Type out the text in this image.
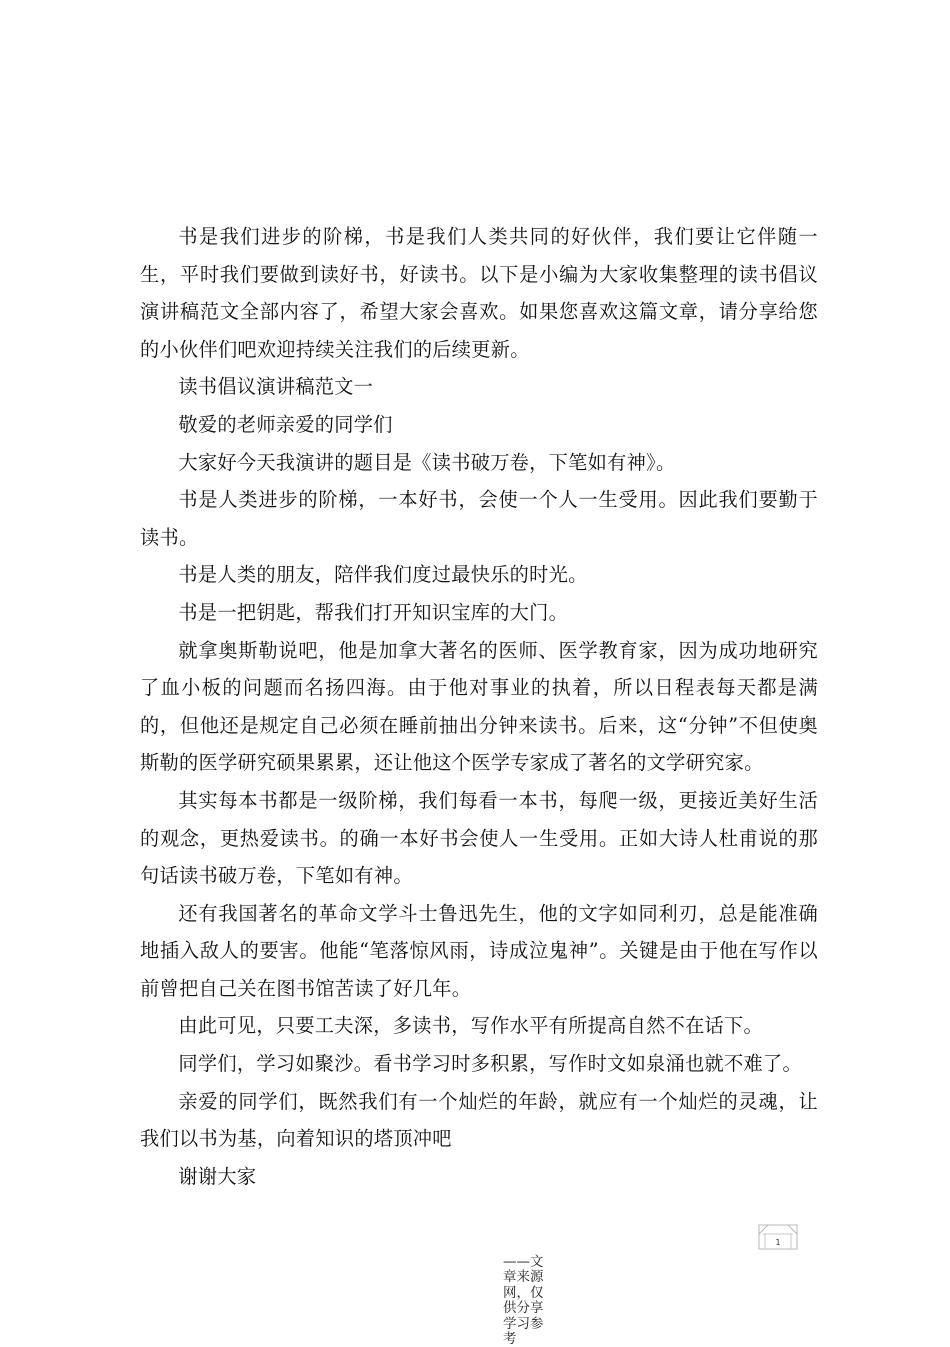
书是我们进步的阶梯，书是我们人类共同的好伙伴，我们要让它伴随一生，平时我们要做到读好书，好读书。以下是小编为大家收集整理的读书倡议演讲稿范文全部内容了，希望大家会喜欢。如果您喜欢这篇文章，请分享给您的小伙伴们吧欢迎持续关注我们的后续更新。

读书倡议演讲稿范文一

敬爱的老师亲爱的同学们

大家好今天我演讲的题目是《读书破万卷，下笔如有神》。

书是人类进步的阶梯，一本好书，会使一个人一生受用。因此我们要勤于读书。

书是人类的朋友，陪伴我们度过最快乐的时光。

书是一把钥匙，帮我们打开知识宝库的大门。

就拿奥斯勒说吧，他是加拿大著名的医师、医学教育家，因为成功地研究了血小板的问题而名扬四海。由于他对事业的执着，所以日程表每天都是满的，但他还是规定自己必须在睡前抽出分钟来读书。后来，这“分钟”不但使奥斯勒的医学研究硕果累累，还让他这个医学专家成了著名的文学研究家。

其实每本书都是一级阶梯，我们每看一本书，每爬一级，更接近美好生活的观念，更热爱读书。的确一本好书会使人一生受用。正如大诗人杜甫说的那句话读书破万卷，下笔如有神。

还有我国著名的革命文学斗士鲁迅先生，他的文字如同利刃，总是能准确地插入敌人的要害。他能“笔落惊风雨，诗成泣鬼神”。关键是由于他在写作以前曾把自己关在图书馆苦读了好几年。

由此可见，只要工夫深，多读书，写作水平有所提高自然不在话下。

同学们，学习如聚沙。看书学习时多积累，写作时文如泉涌也就不难了。

亲爱的同学们，既然我们有一个灿烂的年龄，就应有一个灿烂的灵魂，让我们以书为基，向着知识的塔顶冲吧

谢谢大家

1
——文章来源网，仅供分享学习参考
